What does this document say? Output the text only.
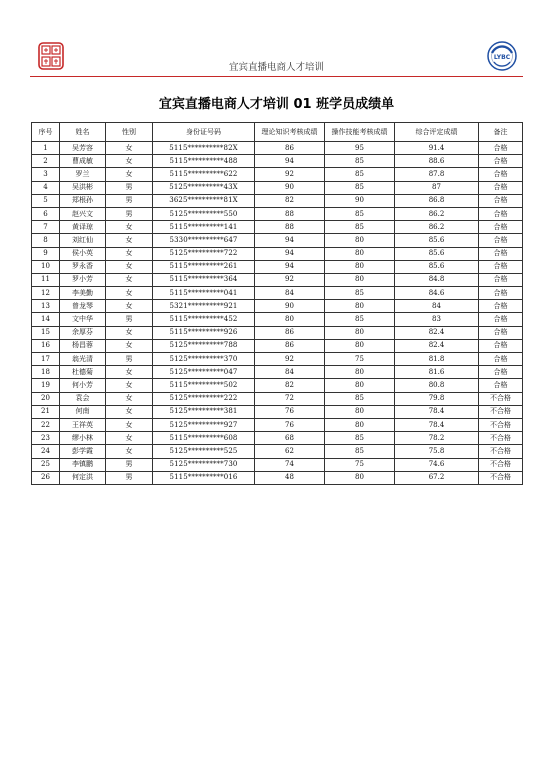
LYBC
宜宾直播电商人才培训
宜宾直播电商人才培训 01 班学员成绩单
序号	姓名	性别	身份证号码	理论知识考核成绩	操作技能考核成绩	综合评定成绩	备注
1	吴芳容	女	5115**********82X	86	95	91.4	合格
2	曹成敏	女	5115**********488	94	85	88.6	合格
3	罗兰	女	5115**********622	92	85	87.8	合格
4	吴洪彬	男	5125**********43X	90	85	87	合格
5	郑根孙	男	3625**********81X	82	90	86.8	合格
6	赵兴文	男	5125**********550	88	85	86.2	合格
7	黄译琼	女	5115**********141	88	85	86.2	合格
8	刘红仙	女	5330**********647	94	80	85.6	合格
9	侯小英	女	5125**********722	94	80	85.6	合格
10	罗永香	女	5115**********261	94	80	85.6	合格
11	罗小芳	女	5115**********364	92	80	84.8	合格
12	李美勤	女	5115**********041	84	85	84.6	合格
13	曾龙琴	女	5321**********921	90	80	84	合格
14	文中华	男	5115**********452	80	85	83	合格
15	余厚芬	女	5115**********926	86	80	82.4	合格
16	杨昌蓉	女	5125**********788	86	80	82.4	合格
17	翁光清	男	5125**********370	92	75	81.8	合格
18	杜德菊	女	5125**********047	84	80	81.6	合格
19	何小芳	女	5115**********502	82	80	80.8	合格
20	袁会	女	5125**********222	72	85	79.8	不合格
21	何南	女	5125**********381	76	80	78.4	不合格
22	王祥英	女	5125**********927	76	80	78.4	不合格
23	缪小林	女	5115**********608	68	85	78.2	不合格
24	彭学霞	女	5125**********525	62	85	75.8	不合格
25	李镇鹏	男	5125**********730	74	75	74.6	不合格
26	何定洪	男	5115**********016	48	80	67.2	不合格
